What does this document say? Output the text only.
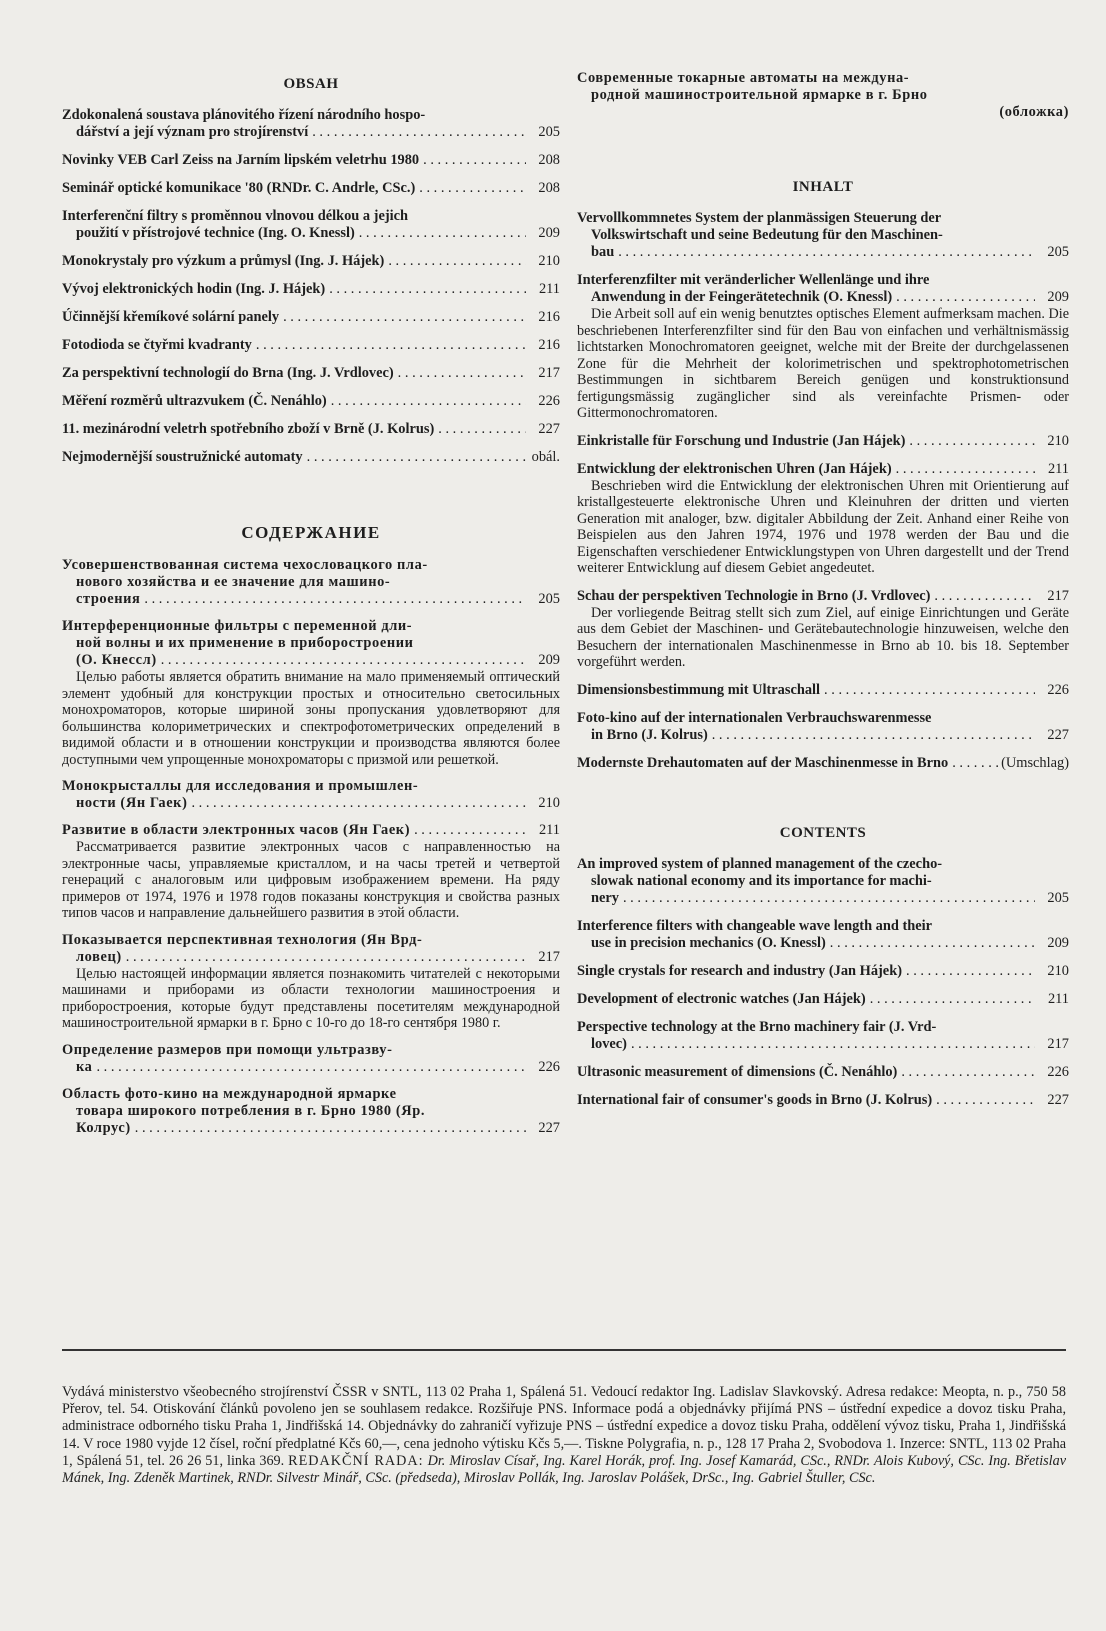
OBSAH
Zdokonalená soustava plánovitého řízení národního hospo-
dářství a její význam pro strojírenství . . .	205
Novinky VEB Carl Zeiss na Jarním lipském veletrhu 1980 . . .	208
Seminář optické komunikace '80 (RNDr. C. Andrle, CSc.) . . .	208
Interferenční filtry s proměnnou vlnovou délkou a jejich
použití v přístrojové technice (Ing. O. Knessl) . . .	209
Monokrystaly pro výzkum a průmysl (Ing. J. Hájek) . . .	210
Vývoj elektronických hodin (Ing. J. Hájek) . . .	211
Účinnější křemíkové solární panely . . .	216
Fotodioda se čtyřmi kvadranty . . .	216
Za perspektivní technologií do Brna (Ing. J. Vrdlovec) . . .	217
Měření rozměrů ultrazvukem (Č. Nenáhlo) . . .	226
11. mezinárodní veletrh spotřebního zboží v Brně (J. Kolrus) . . .	227
Nejmodernější soustružnické automaty . . .	obál.
СОДЕРЖАНИЕ
Усовершенствованная система чехословацкого пла-
нового хозяйства и ее значение для машино-
строения . . .	205
Интерференционные фильтры с переменной дли-
ной волны и их применение в приборостроении
(О. Кнессл) . . .	209
Целью работы является обратить внимание на мало применяемый оптический элемент удобный для конструкции простых и относительно светосильных монохроматоров, которые шириной зоны пропускания удовлетворяют для большинства колориметрических и спектрофотометрических определений в видимой области и в отношении конструкции и производства являются более доступными чем упрощенные монохроматоры с призмой или решеткой.
Монокрысталлы для исследования и промышлен-
ности (Ян Гаек) . . .	210
Развитие в области электронных часов (Ян Гаек) . . .	211
Рассматривается развитие электронных часов с направленностью на электронные часы, управляемые кристаллом, и на часы третей и четвертой генераций с аналоговым или цифровым изображением времени. На ряду примеров от 1974, 1976 и 1978 годов показаны конструкция и свойства разных типов часов и направление дальнейшего развития в этой области.
Показывается перспективная технология (Ян Врд-
ловец) . . .	217
Целью настоящей информации является познакомить читателей с некоторыми машинами и приборами из области технологии машиностроения и приборостроения, которые будут представлены посетителям международной машиностроительной ярмарки в г. Брно с 10-го до 18-го сентября 1980 г.
Определение размеров при помощи ультразву-
ка . . .	226
Область фото-кино на международной ярмарке
товара широкого потребления в г. Брно 1980 (Яр.
Колрус) . . .	227
Современные токарные автоматы на междуна-
родной машиностроительной ярмарке в г. Брно
(обложка)
INHALT
Vervollkommnetes System der planmässigen Steuerung der
Volkswirtschaft und seine Bedeutung für den Maschinen-
bau . . .	205
Interferenzfilter mit veränderlicher Wellenlänge und ihre
Anwendung in der Feingerätetechnik (O. Knessl) . . .	209
Die Arbeit soll auf ein wenig benutztes optisches Element aufmerksam machen. Die beschriebenen Interferenzfilter sind für den Bau von einfachen und verhältnismässig lichtstarken Monochromatoren geeignet, welche mit der Breite der durchgelassenen Zone für die Mehrheit der kolorimetrischen und spektrophotometrischen Bestimmungen in sichtbarem Bereich genügen und konstruktionsund fertigungsmässig zugänglicher sind als vereinfachte Prismen- oder Gittermonochromatoren.
Einkristalle für Forschung und Industrie (Jan Hájek) . . .	210
Entwicklung der elektronischen Uhren (Jan Hájek) . . .	211
Beschrieben wird die Entwicklung der elektronischen Uhren mit Orientierung auf kristallgesteuerte elektronische Uhren und Kleinuhren der dritten und vierten Generation mit analoger, bzw. digitaler Abbildung der Zeit. Anhand einer Reihe von Beispielen aus den Jahren 1974, 1976 und 1978 werden der Bau und die Eigenschaften verschiedener Entwicklungstypen von Uhren dargestellt und der Trend weiterer Entwicklung auf diesem Gebiet angedeutet.
Schau der perspektiven Technologie in Brno (J. Vrdlovec) . . .	217
Der vorliegende Beitrag stellt sich zum Ziel, auf einige Einrichtungen und Geräte aus dem Gebiet der Maschinen- und Gerätebautechnologie hinzuweisen, welche den Besuchern der internationalen Maschinenmesse in Brno ab 10. bis 18. September vorgeführt werden.
Dimensionsbestimmung mit Ultraschall . . .	226
Foto-kino auf der internationalen Verbrauchswarenmesse
in Brno (J. Kolrus) . . .	227
Modernste Drehautomaten auf der Maschinenmesse in Brno . . .	(Umschlag)
CONTENTS
An improved system of planned management of the czecho-
slowak national economy and its importance for machi-
nery . . .	205
Interference filters with changeable wave length and their
use in precision mechanics (O. Knessl) . . .	209
Single crystals for research and industry (Jan Hájek) . . .	210
Development of electronic watches (Jan Hájek) . . .	211
Perspective technology at the Brno machinery fair (J. Vrd-
lovec) . . .	217
Ultrasonic measurement of dimensions (Č. Nenáhlo) . . .	226
International fair of consumer's goods in Brno (J. Kolrus) . . .	227
Vydává ministerstvo všeobecného strojírenství ČSSR v SNTL, 113 02 Praha 1, Spálená 51. Vedoucí redaktor Ing. Ladislav Slavkovský. Adresa redakce: Meopta, n. p., 750 58 Přerov, tel. 54. Otiskování článků povoleno jen se souhlasem redakce. Rozšiřuje PNS. Informace podá a objednávky přijímá PNS – ústřední expedice a dovoz tisku Praha, administrace odborného tisku Praha 1, Jindřišská 14. Objednávky do zahraničí vyřizuje PNS – ústřední expedice a dovoz tisku Praha, oddělení vývoz tisku, Praha 1, Jindřišská 14. V roce 1980 vyjde 12 čísel, roční předplatné Kčs 60,—, cena jednoho výtisku Kčs 5,—. Tiskne Polygrafia, n. p., 128 17 Praha 2, Svobodova 1. Inzerce: SNTL, 113 02 Praha 1, Spálená 51, tel. 26 26 51, linka 369. REDAKČNÍ RADA: Dr. Miroslav Císař, Ing. Karel Horák, prof. Ing. Josef Kamarád, CSc., RNDr. Alois Kubový, CSc. Ing. Břetislav Mánek, Ing. Zdeněk Martinek, RNDr. Silvestr Minář, CSc. (předseda), Miroslav Pollák, Ing. Jaroslav Polášek, DrSc., Ing. Gabriel Štuller, CSc.
